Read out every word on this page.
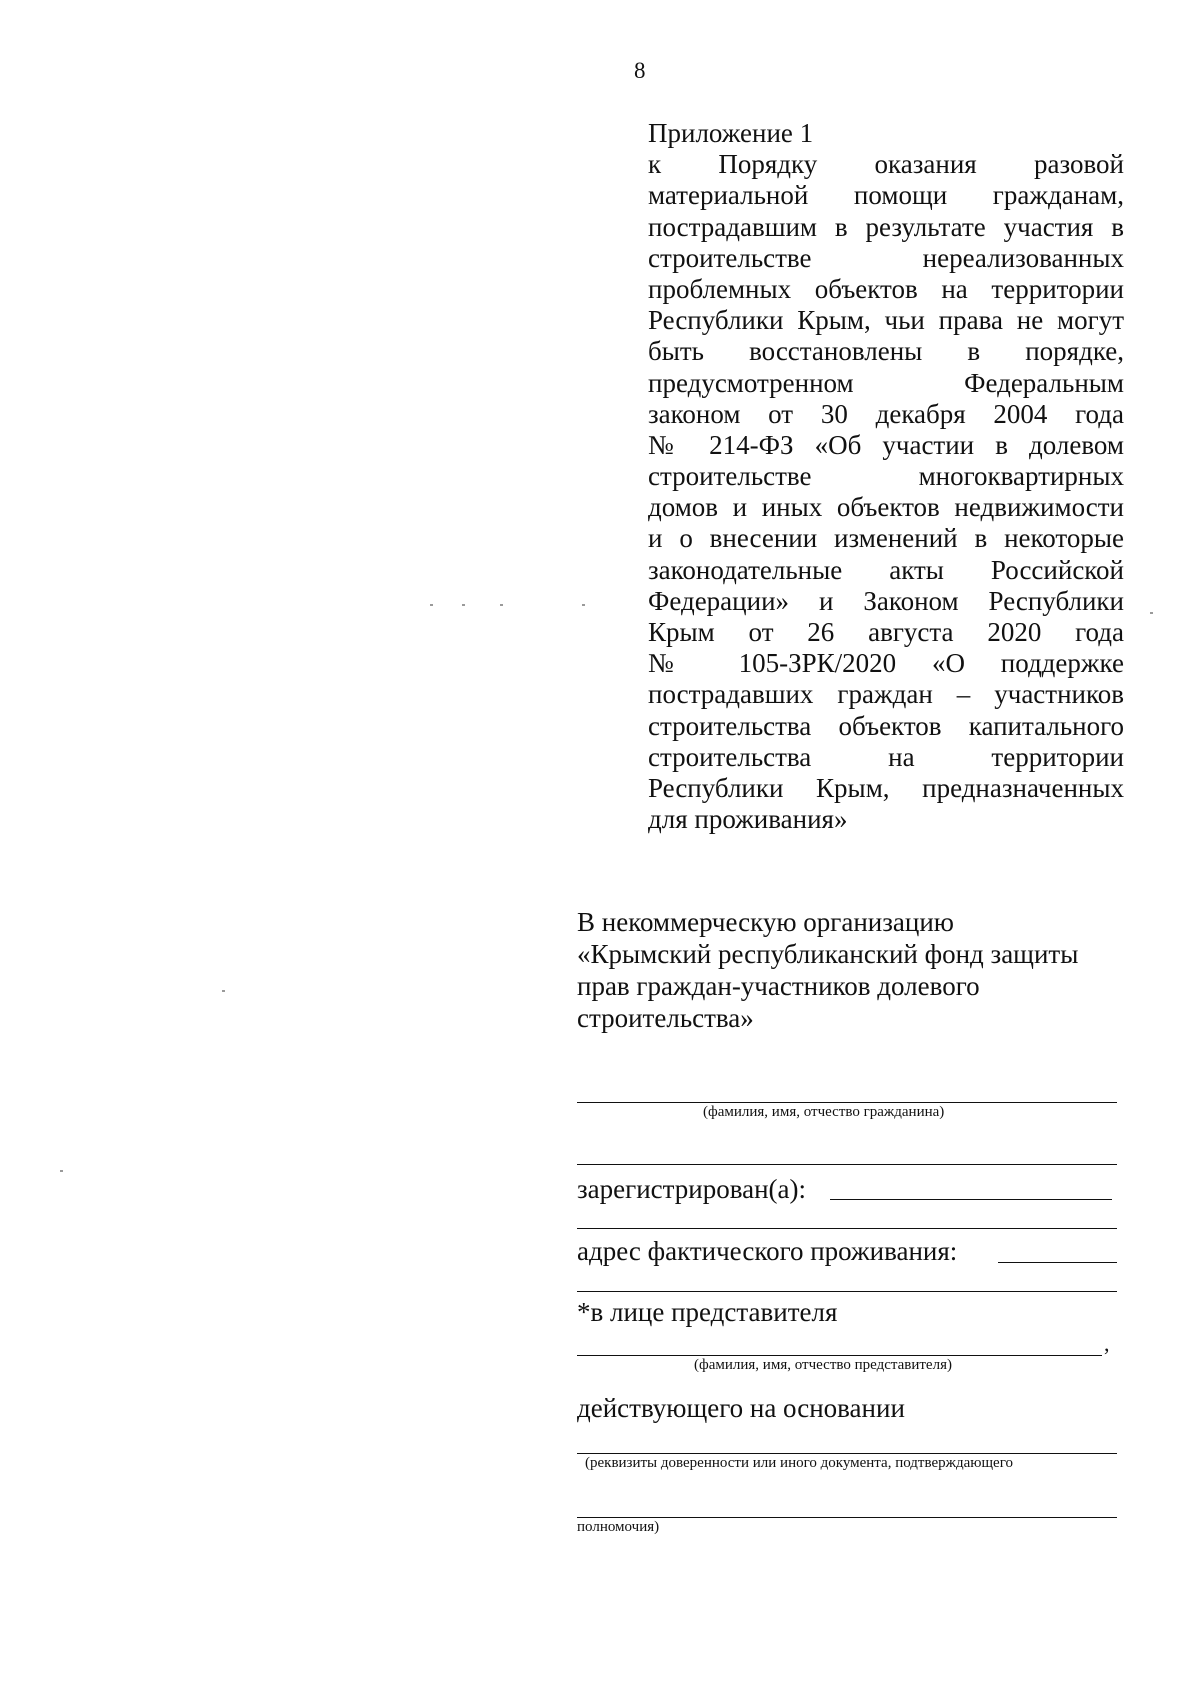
8
Приложение 1
к Порядку оказания разовой
материальной помощи гражданам,
пострадавшим в результате участия в
строительстве нереализованных
проблемных объектов на территории
Республики Крым, чьи права не могут
быть восстановлены в порядке,
предусмотренном Федеральным
законом от 30 декабря 2004 года
№ 214-ФЗ «Об участии в долевом
строительстве многоквартирных
домов и иных объектов недвижимости
и о внесении изменений в некоторые
законодательные акты Российской
Федерации» и Законом Республики
Крым от 26 августа 2020 года
№ 105-ЗРК/2020 «О поддержке
пострадавших граждан – участников
строительства объектов капитального
строительства на территории
Республики Крым, предназначенных
для проживания»
В некоммерческую организацию
«Крымский республиканский фонд защиты
прав граждан-участников долевого
строительства»
(фамилия, имя, отчество гражданина)
зарегистрирован(а):
адрес фактического проживания:
*в лице представителя
,
(фамилия, имя, отчество представителя)
действующего на основании
(реквизиты доверенности или иного документа, подтверждающего
полномочия)
